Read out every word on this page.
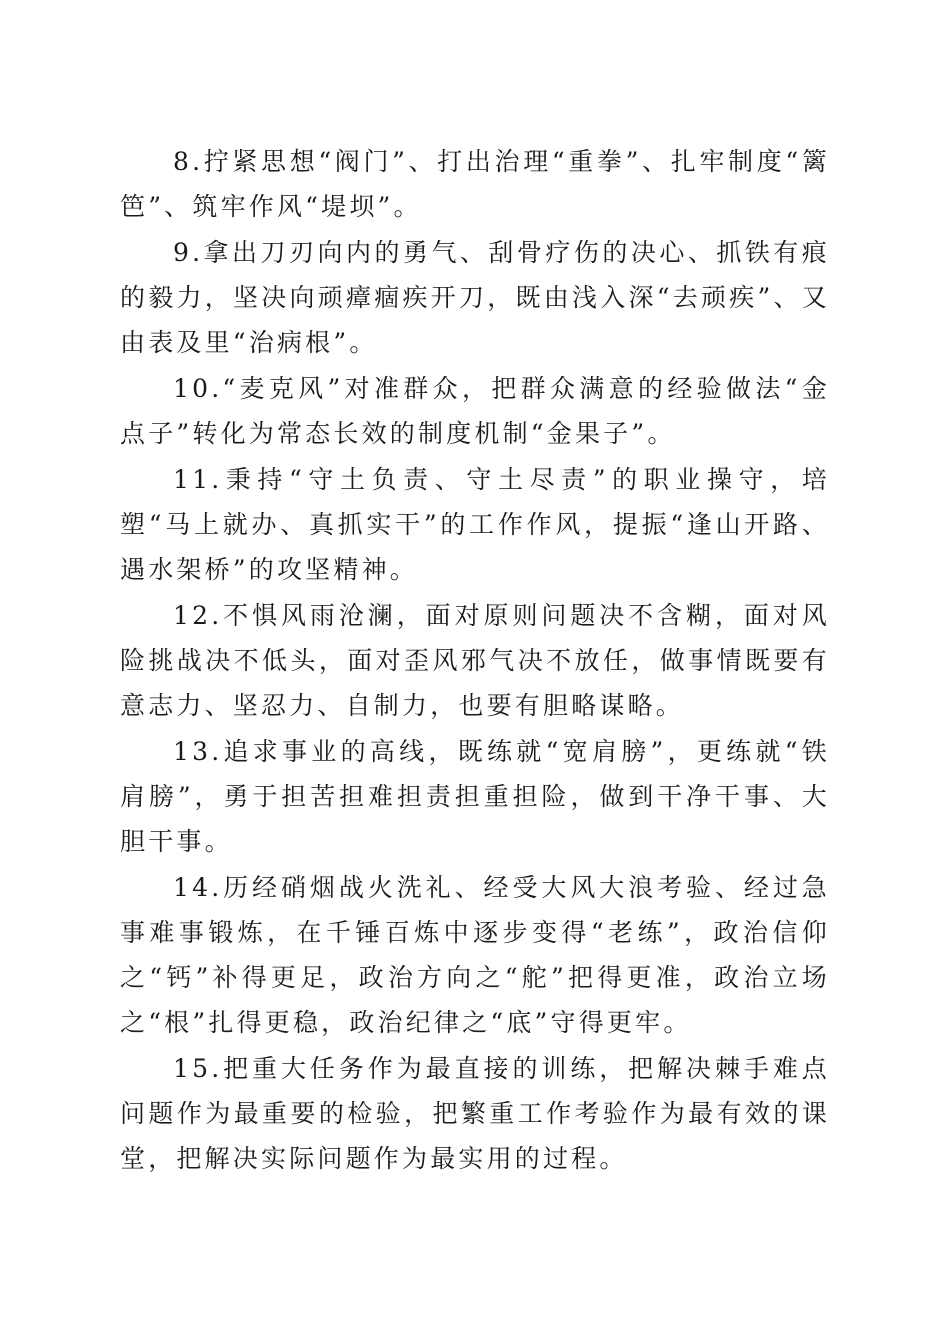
8.拧紧思想“阀门”、打出治理“重拳”、扎牢制度“篱笆”、筑牢作风“堤坝”。

9.拿出刀刃向内的勇气、刮骨疗伤的决心、抓铁有痕的毅力，坚决向顽瘴痼疾开刀，既由浅入深“去顽疾”、又由表及里“治病根”。

10.“麦克风”对准群众，把群众满意的经验做法“金点子”转化为常态长效的制度机制“金果子”。

11.秉持“守土负责、守土尽责”的职业操守，培塑“马上就办、真抓实干”的工作作风，提振“逢山开路、遇水架桥”的攻坚精神。

12.不惧风雨沧澜，面对原则问题决不含糊，面对风险挑战决不低头，面对歪风邪气决不放任，做事情既要有意志力、坚忍力、自制力，也要有胆略谋略。

13.追求事业的高线，既练就“宽肩膀”，更练就“铁肩膀”，勇于担苦担难担责担重担险，做到干净干事、大胆干事。

14.历经硝烟战火洗礼、经受大风大浪考验、经过急事难事锻炼，在千锤百炼中逐步变得“老练”，政治信仰之“钙”补得更足，政治方向之“舵”把得更准，政治立场之“根”扎得更稳，政治纪律之“底”守得更牢。

15.把重大任务作为最直接的训练，把解决棘手难点问题作为最重要的检验，把繁重工作考验作为最有效的课堂，把解决实际问题作为最实用的过程。
